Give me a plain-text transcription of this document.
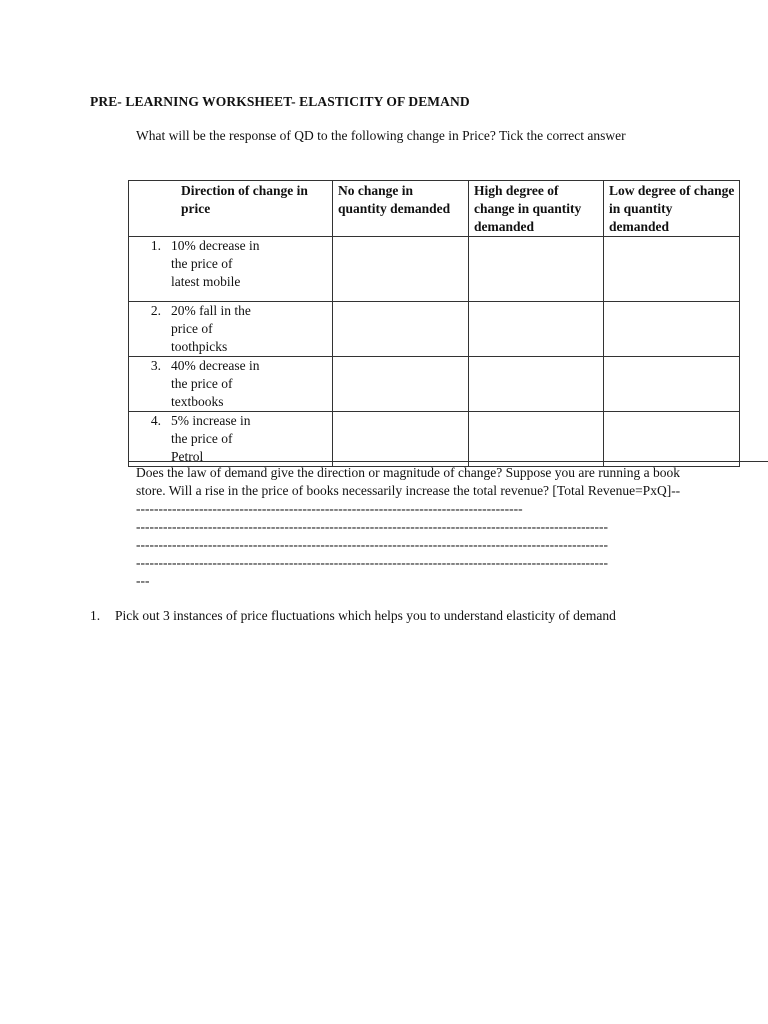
PRE- LEARNING WORKSHEET- ELASTICITY OF DEMAND
What will be the response of QD to the following change in Price? Tick the correct answer
Direction of change in price	No change in quantity demanded	High degree of change in quantity demanded	Low degree of change in quantity demanded

1. 10% decrease in the price of latest mobile			

2. 20% fall in the price of toothpicks			

3. 40% decrease in the price of textbooks			

4. 5% increase in the price of Petrol			

Does the law of demand give the direction or magnitude of change? Suppose you are running a book store. Will a rise in the price of books necessarily increase the total revenue? [Total Revenue=PxQ]----------------------------------------------------------------------------------------
---------------------------------------------------------------------------------------------------------
---------------------------------------------------------------------------------------------------------
---------------------------------------------------------------------------------------------------------
---
1. Pick out 3 instances of price fluctuations which helps you to understand elasticity of demand
